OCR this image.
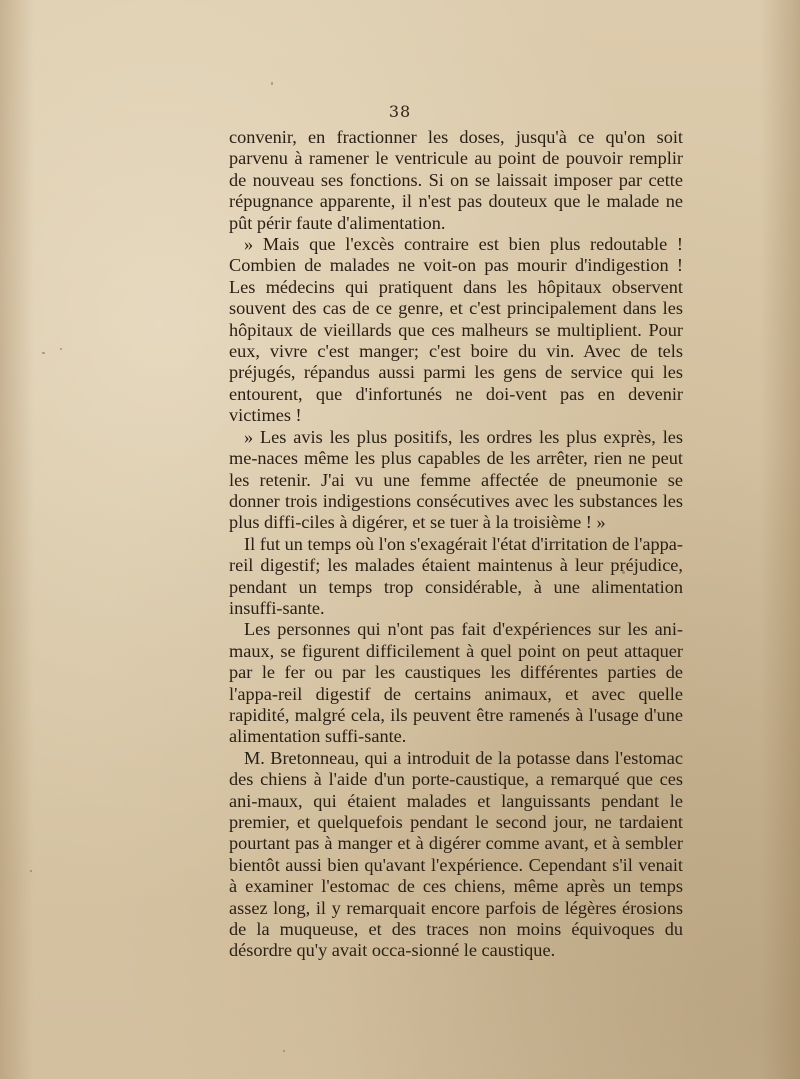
38

convenir, en fractionner les doses, jusqu'à ce qu'on soit parvenu à ramener le ventricule au point de pouvoir remplir de nouveau ses fonctions. Si on se laissait imposer par cette répugnance apparente, il n'est pas douteux que le malade ne pût périr faute d'alimentation.

» Mais que l'excès contraire est bien plus redoutable ! Combien de malades ne voit-on pas mourir d'indigestion ! Les médecins qui pratiquent dans les hôpitaux observent souvent des cas de ce genre, et c'est principalement dans les hôpitaux de vieillards que ces malheurs se multiplient. Pour eux, vivre c'est manger; c'est boire du vin. Avec de tels préjugés, répandus aussi parmi les gens de service qui les entourent, que d'infortunés ne doi-vent pas en devenir victimes !

» Les avis les plus positifs, les ordres les plus exprès, les me-naces même les plus capables de les arrêter, rien ne peut les retenir. J'ai vu une femme affectée de pneumonie se donner trois indigestions consécutives avec les substances les plus diffi-ciles à digérer, et se tuer à la troisième ! »

Il fut un temps où l'on s'exagérait l'état d'irritation de l'appa-reil digestif; les malades étaient maintenus à leur préjudice, pendant un temps trop considérable, à une alimentation insuffi-sante.

Les personnes qui n'ont pas fait d'expériences sur les ani-maux, se figurent difficilement à quel point on peut attaquer par le fer ou par les caustiques les différentes parties de l'appa-reil digestif de certains animaux, et avec quelle rapidité, malgré cela, ils peuvent être ramenés à l'usage d'une alimentation suffi-sante.

M. Bretonneau, qui a introduit de la potasse dans l'estomac des chiens à l'aide d'un porte-caustique, a remarqué que ces ani-maux, qui étaient malades et languissants pendant le premier, et quelquefois pendant le second jour, ne tardaient pourtant pas à manger et à digérer comme avant, et à sembler bientôt aussi bien qu'avant l'expérience. Cependant s'il venait à examiner l'estomac de ces chiens, même après un temps assez long, il y remarquait encore parfois de légères érosions de la muqueuse, et des traces non moins équivoques du désordre qu'y avait occa-sionné le caustique.
